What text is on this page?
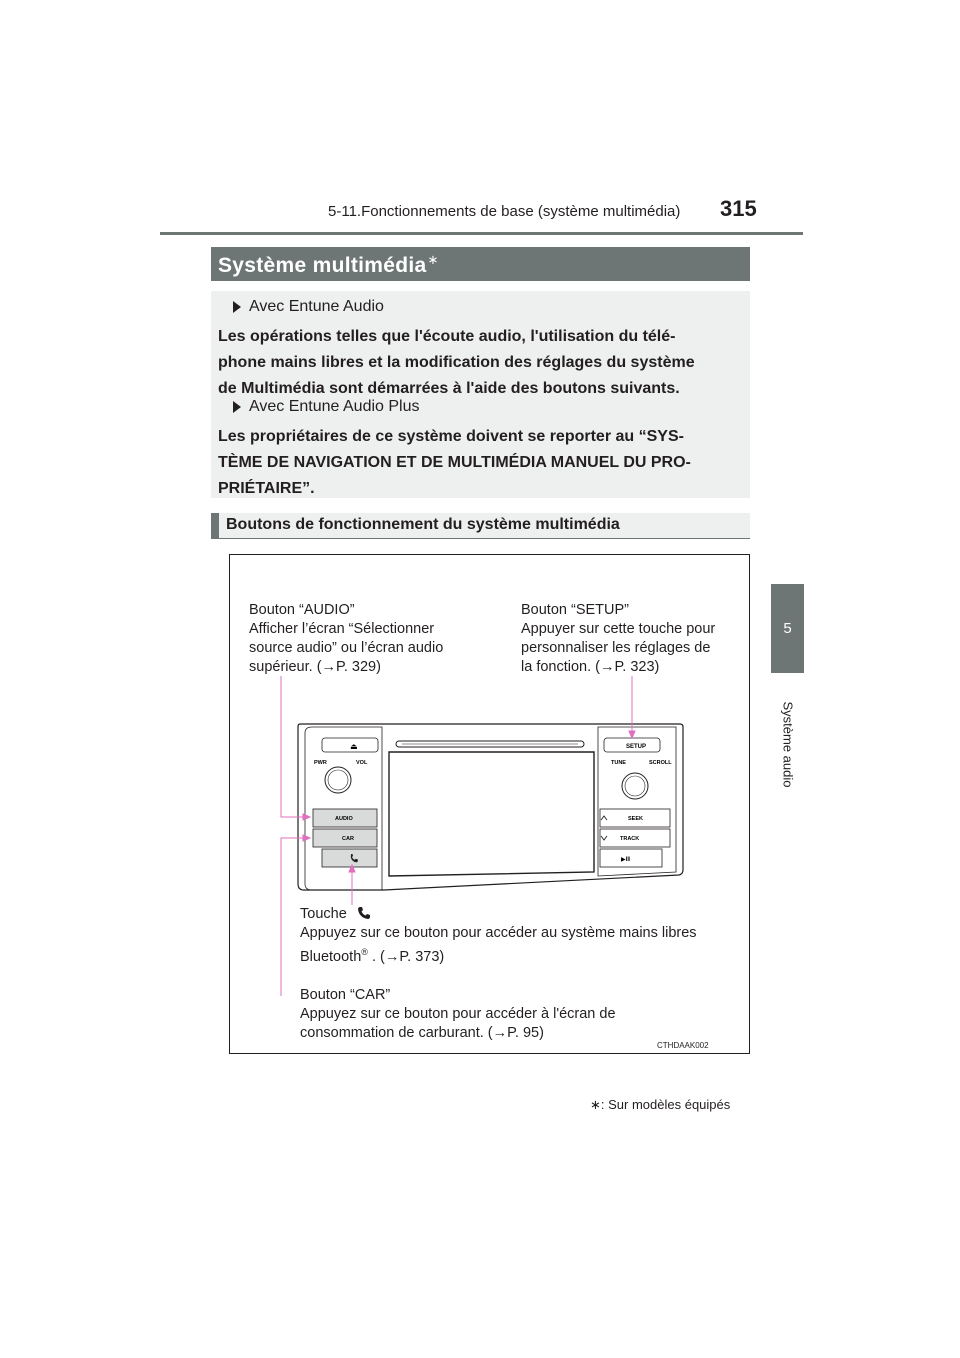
5-11.Fonctionnements de base (système multimédia) 315
5
Système audio
Système multimédia∗
Avec Entune Audio
Les opérations telles que l'écoute audio, l'utilisation du télé-
phone mains libres et la modification des réglages du système
de Multimédia sont démarrées à l'aide des boutons suivants.
Avec Entune Audio Plus
Les propriétaires de ce système doivent se reporter au “SYS-
TÈME DE NAVIGATION ET DE MULTIMÉDIA MANUEL DU PRO-
PRIÉTAIRE”.
Boutons de fonctionnement du système multimédia
Bouton “AUDIO”
Afficher l’écran “Sélectionner
source audio” ou l’écran audio
supérieur. (→P. 329)
Bouton “SETUP”
Appuyer sur cette touche pour
personnaliser les réglages de
la fonction. (→P. 323)
Touche
Appuyez sur ce bouton pour accéder au système mains libres
Bluetooth® . (→P. 373)
Bouton “CAR”
Appuyez sur ce bouton pour accéder à l'écran de
consommation de carburant. (→P. 95)
⏏	SETUP
PWR	VOL	TUNE	SCROLL
AUDIO
CAR
SEEK
TRACK
▶II
CTHDAAK002
∗: Sur modèles équipés
